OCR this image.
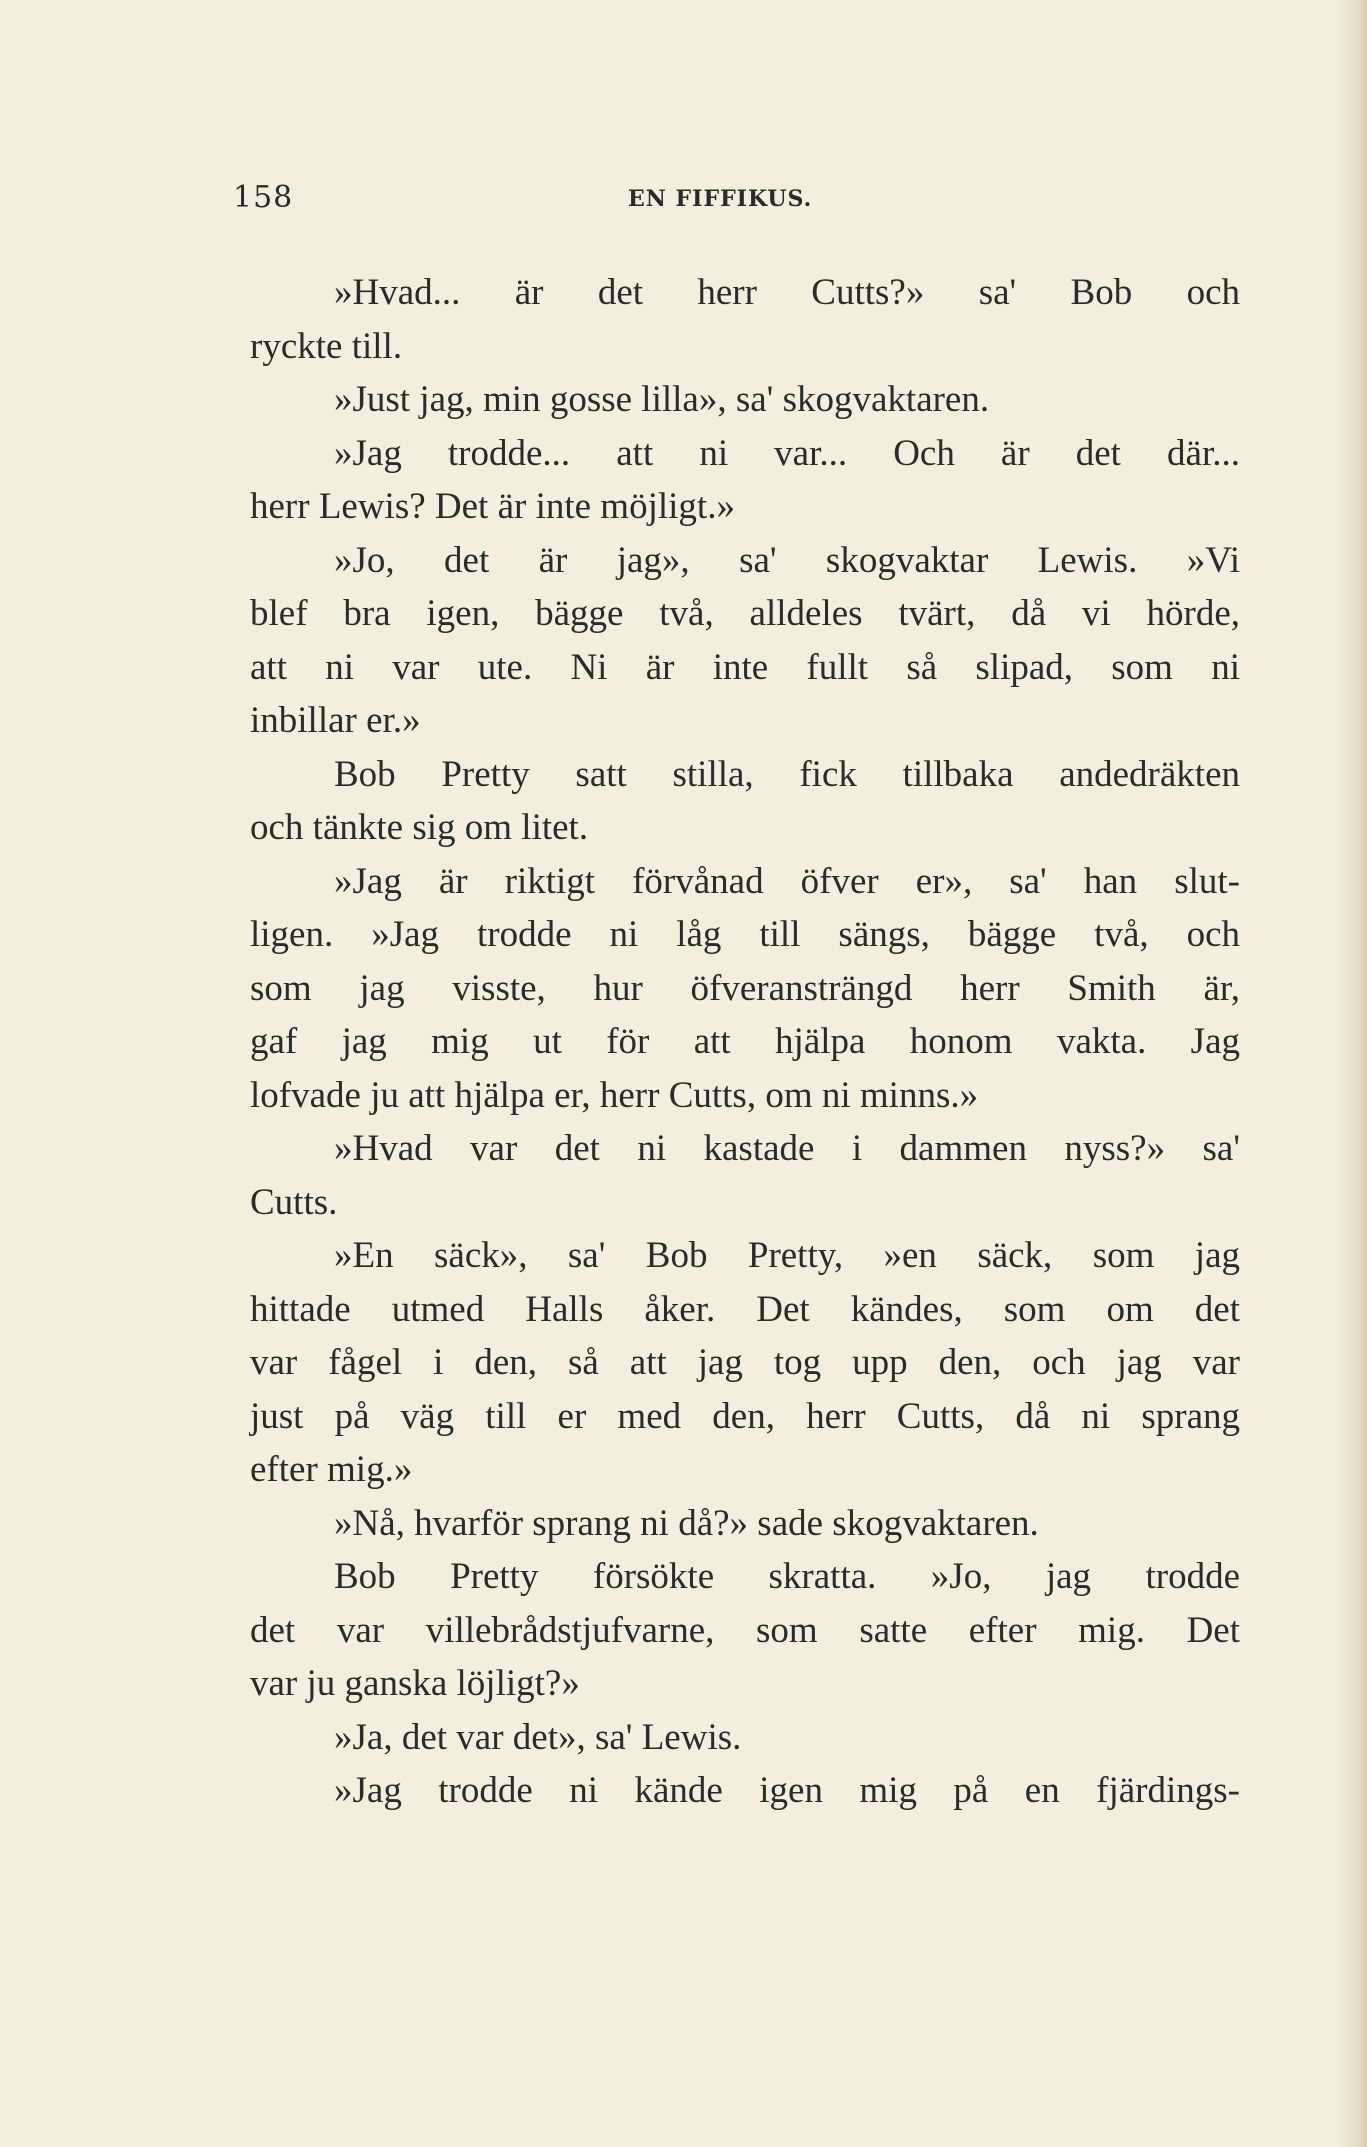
158	EN FIFFIKUS.
»Hvad... är det herr Cutts?» sa' Bob och
ryckte till.
»Just jag, min gosse lilla», sa' skogvaktaren.
»Jag trodde... att ni var... Och är det där...
herr Lewis? Det är inte möjligt.»
»Jo, det är jag», sa' skogvaktar Lewis. »Vi
blef bra igen, bägge två, alldeles tvärt, då vi hörde,
att ni var ute. Ni är inte fullt så slipad, som ni
inbillar er.»
Bob Pretty satt stilla, fick tillbaka andedräkten
och tänkte sig om litet.
»Jag är riktigt förvånad öfver er», sa' han slut-
ligen. »Jag trodde ni låg till sängs, bägge två, och
som jag visste, hur öfveransträngd herr Smith är,
gaf jag mig ut för att hjälpa honom vakta. Jag
lofvade ju att hjälpa er, herr Cutts, om ni minns.»
»Hvad var det ni kastade i dammen nyss?» sa'
Cutts.
»En säck», sa' Bob Pretty, »en säck, som jag
hittade utmed Halls åker. Det kändes, som om det
var fågel i den, så att jag tog upp den, och jag var
just på väg till er med den, herr Cutts, då ni sprang
efter mig.»
»Nå, hvarför sprang ni då?» sade skogvaktaren.
Bob Pretty försökte skratta. »Jo, jag trodde
det var villebrådstjufvarne, som satte efter mig. Det
var ju ganska löjligt?»
»Ja, det var det», sa' Lewis.
»Jag trodde ni kände igen mig på en fjärdings-
